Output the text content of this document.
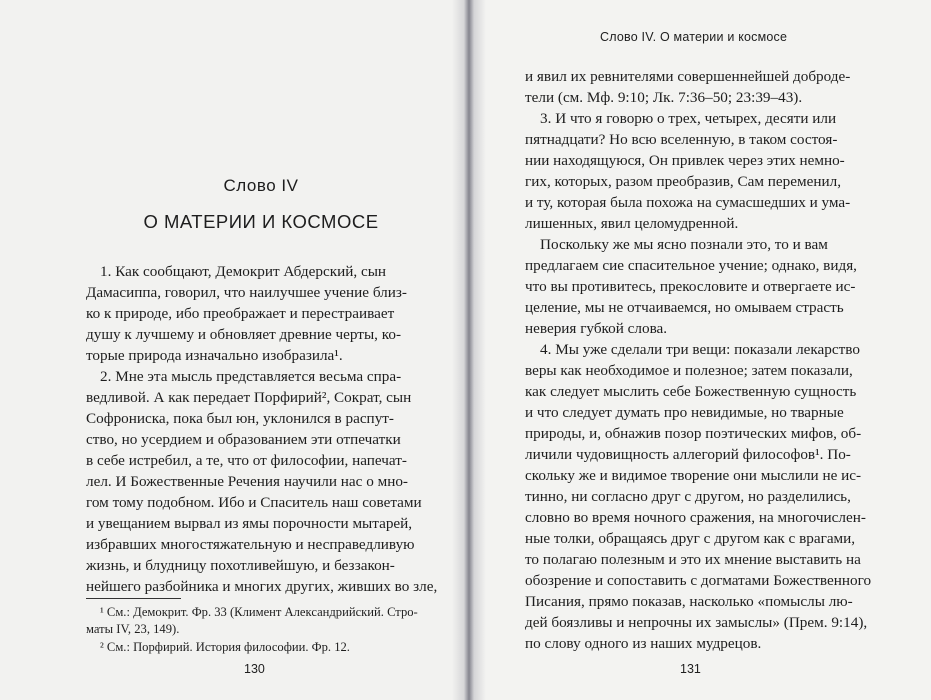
Слово IV
О МАТЕРИИ И КОСМОСЕ
1. Как сообщают, Демокрит Абдерский, сын
Дамасиппа, говорил, что наилучшее учение близ-
ко к природе, ибо преображает и перестраивает
душу к лучшему и обновляет древние черты, ко-
торые природа изначально изобразила¹.
2. Мне эта мысль представляется весьма спра-
ведливой. А как передает Порфирий², Сократ, сын
Софрониска, пока был юн, уклонился в распут-
ство, но усердием и образованием эти отпечатки
в себе истребил, а те, что от философии, напечат-
лел. И Божественные Речения научили нас о мно-
гом тому подобном. Ибо и Спаситель наш советами
и увещанием вырвал из ямы порочности мытарей,
избравших многостяжательную и несправедливую
жизнь, и блудницу похотливейшую, и беззакон-
нейшего разбойника и многих других, живших во зле,
¹ См.: Демокрит. Фр. 33 (Климент Александрийский. Стро-
маты IV, 23, 149).
² См.: Порфирий. История философии. Фр. 12.
130
Слово IV. О материи и космосе
и явил их ревнителями совершеннейшей доброде-
тели (см. Мф. 9:10; Лк. 7:36–50; 23:39–43).
3. И что я говорю о трех, четырех, десяти или
пятнадцати? Но всю вселенную, в таком состоя-
нии находящуюся, Он привлек через этих немно-
гих, которых, разом преобразив, Сам переменил,
и ту, которая была похожа на сумасшедших и ума-
лишенных, явил целомудренной.
Поскольку же мы ясно познали это, то и вам
предлагаем сие спасительное учение; однако, видя,
что вы противитесь, прекословите и отвергаете ис-
целение, мы не отчаиваемся, но омываем страсть
неверия губкой слова.
4. Мы уже сделали три вещи: показали лекарство
веры как необходимое и полезное; затем показали,
как следует мыслить себе Божественную сущность
и что следует думать про невидимые, но тварные
природы, и, обнажив позор поэтических мифов, об-
личили чудовищность аллегорий философов¹. По-
скольку же и видимое творение они мыслили не ис-
тинно, ни согласно друг с другом, но разделились,
словно во время ночного сражения, на многочислен-
ные толки, обращаясь друг с другом как с врагами,
то полагаю полезным и это их мнение выставить на
обозрение и сопоставить с догматами Божественного
Писания, прямо показав, насколько «помыслы лю-
дей боязливы и непрочны их замыслы» (Прем. 9:14),
по слову одного из наших мудрецов.
131
